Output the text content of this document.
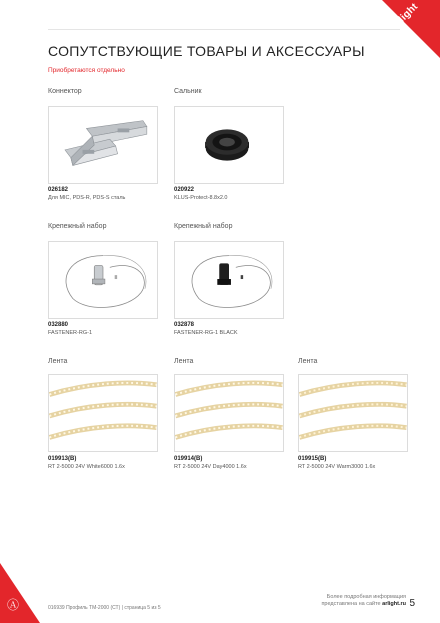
arlight
СОПУТСТВУЮЩИЕ ТОВАРЫ И АКСЕССУАРЫ
Приобретаются отдельно
Коннектор
026182
Для MIC, PDS-R, PDS-S сталь
Сальник
020922
KLUS-Protect-8.8x2.0
Крепежный набор
032880
FASTENER-RG-1
Крепежный набор
032878
FASTENER-RG-1 BLACK
Лента
019913(B)
RT 2-5000 24V White6000 1.6x
Лента
019914(B)
RT 2-5000 24V Day4000 1.6x
Лента
019915(B)
RT 2-5000 24V Warm3000 1.6x
Ⓐ	016939 Профиль TM-2000 (СТ) | страница 5 из 5
Более подробная информация
представлена на сайте arlight.ru 5
